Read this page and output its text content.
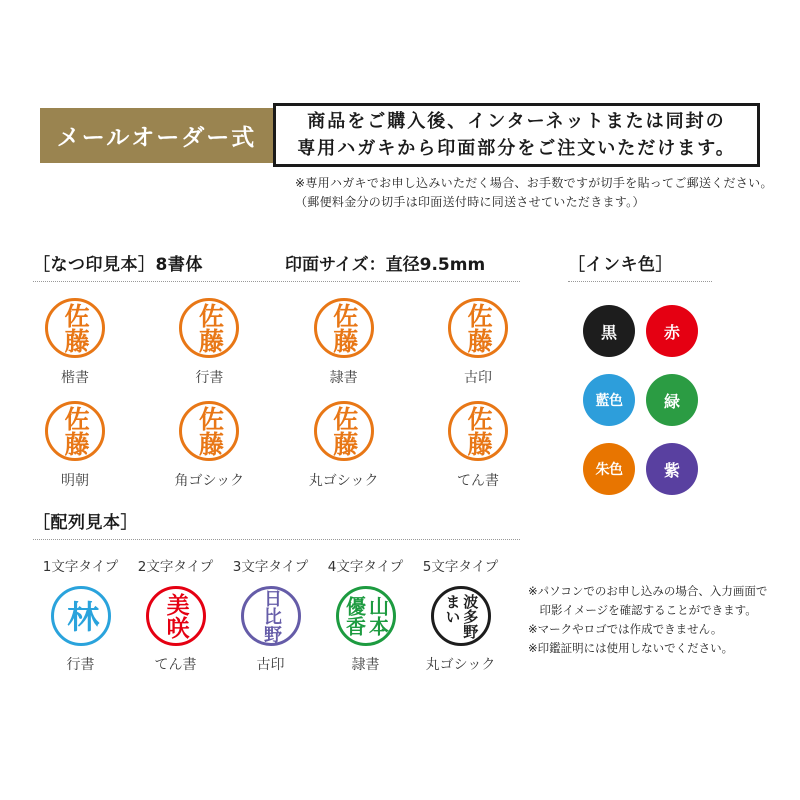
メールオーダー式
商品をご購入後、インターネットまたは同封の
専用ハガキから印面部分をご注文いただけます。
※専用ハガキでお申し込みいただく場合、お手数ですが切手を貼ってご郵送ください。
（郵便料金分の切手は印面送付時に同送させていただきます。）
［なつ印見本］8書体	印面サイズ：直径9.5mm
佐藤
楷書
佐藤
行書
佐藤
隷書
佐藤
古印
佐藤
明朝
佐藤
角ゴシック
佐藤
丸ゴシック
佐藤
てん書
［インキ色］
黒	赤
藍色	緑
朱色	紫
［配列見本］
1文字タイプ
林
行書
2文字タイプ
美咲
てん書
3文字タイプ
日比野
古印
4文字タイプ
山本
優香
隷書
5文字タイプ
波多野
まい
丸ゴシック
※パソコンでのお申し込みの場合、入力画面で
印影イメージを確認することができます。
※マークやロゴでは作成できません。
※印鑑証明には使用しないでください。
